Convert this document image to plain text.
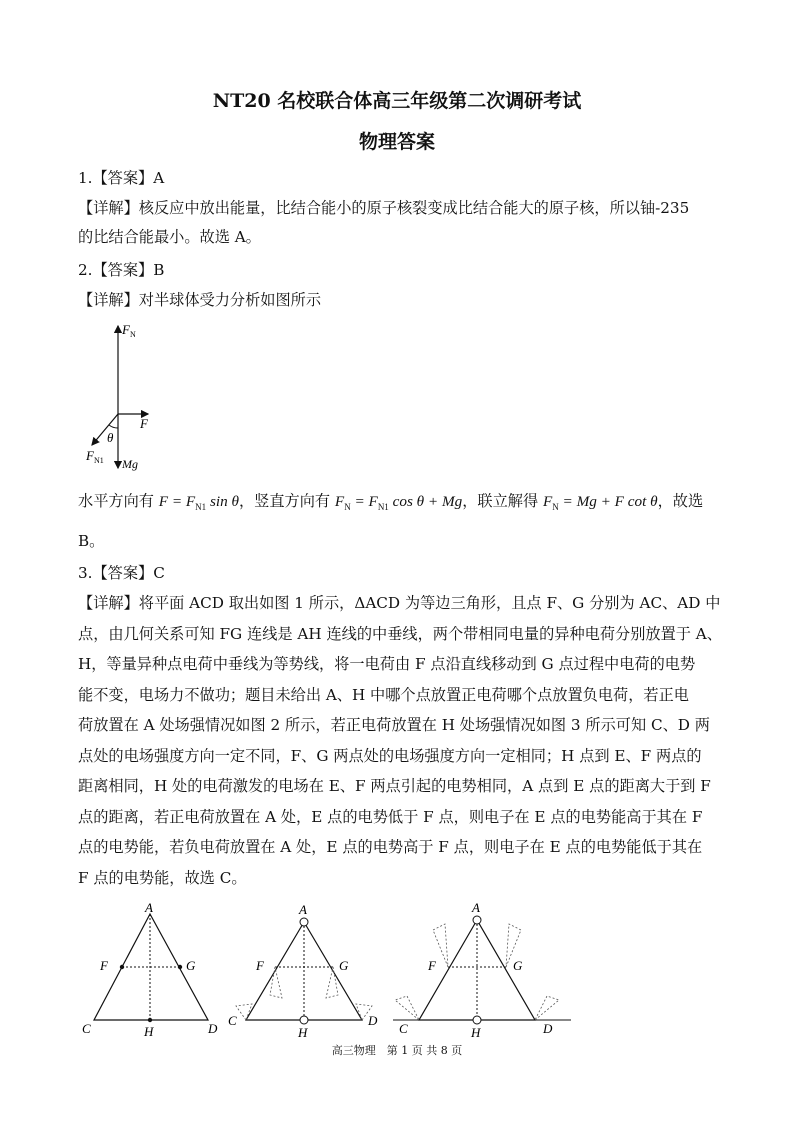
NT20 名校联合体高三年级第二次调研考试
物理答案
1.【答案】A
【详解】核反应中放出能量，比结合能小的原子核裂变成比结合能大的原子核，所以铀-235
的比结合能最小。故选 A。
2.【答案】B
【详解】对半球体受力分析如图所示
$F_N$
F
θ
$F_{N1}$ Mg
水平方向有 $F = F_{N1}$ sin θ，竖直方向有 $F_N = F_{N1}$ cos θ + Mg，联立解得 $F_N = Mg + F$ cot θ，故选
B。
3.【答案】C
【详解】将平面 ACD 取出如图 1 所示，ΔACD 为等边三角形，且点 F、G 分别为 AC、AD 中
点，由几何关系可知 FG 连线是 AH 连线的中垂线，两个带相同电量的异种电荷分别放置于 A、
H，等量异种点电荷中垂线为等势线，将一电荷由 F 点沿直线移动到 G 点过程中电荷的电势
能不变，电场力不做功；题目未给出 A、H 中哪个点放置正电荷哪个点放置负电荷，若正电
荷放置在 A 处场强情况如图 2 所示，若正电荷放置在 H 处场强情况如图 3 所示可知 C、D 两
点处的电场强度方向一定不同，F、G 两点处的电场强度方向一定相同；H 点到 E、F 两点的
距离相同，H 处的电荷激发的电场在 E、F 两点引起的电势相同，A 点到 E 点的距离大于到 F
点的距离，若正电荷放置在 A 处，E 点的电势低于 F 点，则电子在 E 点的电势能高于其在 F
点的电势能，若负电荷放置在 A 处，E 点的电势高于 F 点，则电子在 E 点的电势能低于其在
F 点的电势能，故选 C。
A
F	G
C	H	D
A
F	G
C
H
D
A
F	G
C	H	D
高三物理　第 1 页 共 8 页
